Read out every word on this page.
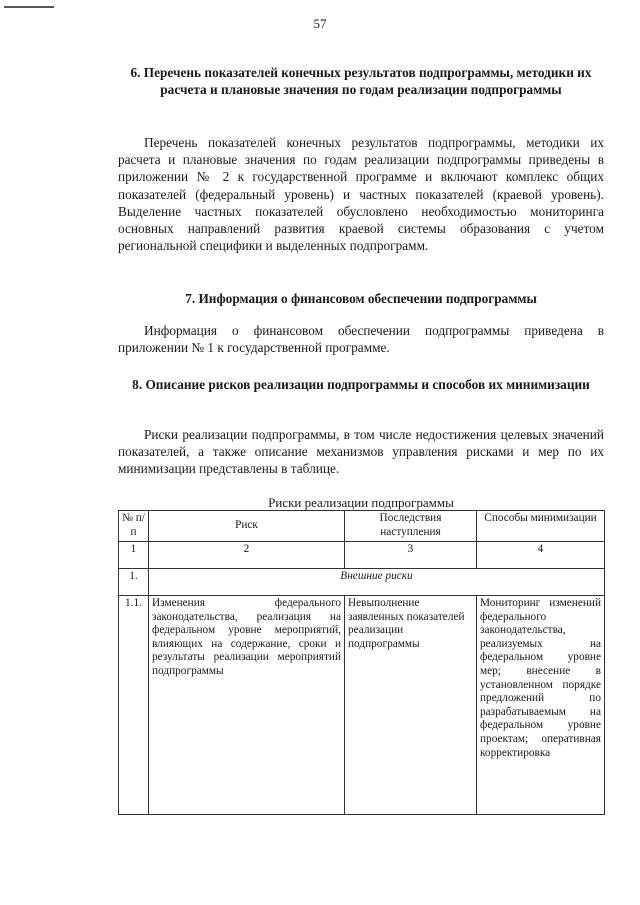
57
6. Перечень показателей конечных результатов подпрограммы, методики их расчета и плановые значения по годам реализации подпрограммы
Перечень показателей конечных результатов подпрограммы, методики их расчета и плановые значения по годам реализации подпрограммы приведены в приложении № 2 к государственной программе и включают комплекс общих показателей (федеральный уровень) и частных показателей (краевой уровень). Выделение частных показателей обусловлено необходимостью мониторинга основных направлений развития краевой системы образования с учетом региональной специфики и выделенных подпрограмм.
7. Информация о финансовом обеспечении подпрограммы
Информация о финансовом обеспечении подпрограммы приведена в приложении № 1 к государственной программе.
8. Описание рисков реализации подпрограммы и способов их минимизации
Риски реализации подпрограммы, в том числе недостижения целевых значений показателей, а также описание механизмов управления рисками и мер по их минимизации представлены в таблице.
Риски реализации подпрограммы
№ п/п	Риск	Последствия наступления	Способы минимизации
1	2	3	4
1.	Внешние риски		
1.1.	Изменения федерального законодательства, реализация на федеральном уровне мероприятий, влияющих на содержание, сроки и результаты реализации мероприятий подпрограммы	Невыполнение заявленных показателей реализации подпрограммы	Мониторинг изменений федерального законодательства, реализуемых на федеральном уровне мер; внесение в установленном порядке предложений по разрабатываемым на федеральном уровне проектам; оперативная корректировка
